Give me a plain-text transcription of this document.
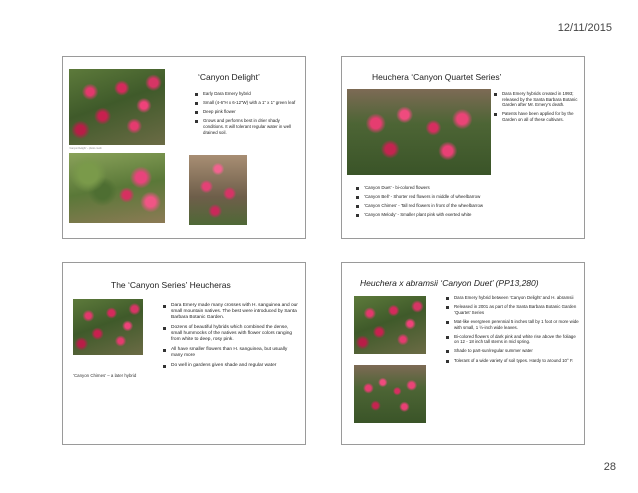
12/11/2015
‘Canyon Delight’ – photo credit
‘Canyon Delight’
Early Dara Emery hybrid
Small (4-6”H x 6-12”W) with a 1” x 1” green leaf
Deep pink flower
Grows and performs best in drier shady conditions. It will tolerant regular water in well drained soil.
Heuchera ‘Canyon Quartet Series’
Dara Emery hybrids created in 1993; released by the Santa Barbara Botanic Garden after Mr. Emery’s death.
Patents have been applied for by the Garden on all of these cultivars.
‘Canyon Duet’ - bi-colored flowers
‘Canyon Bell’ - Shorter red flowers in middle of wheelbarrow
‘Canyon Chimes’ - Tall red flowers in front of the wheelbarrow
‘Canyon Melody’ - Smaller plant pink with exerted white
The ‘Canyon Series’ Heucheras
‘Canyon Chimes’ – a later hybrid
Dara Emery made many crosses with H. sanguinea and our small mountain natives. The best were introduced by Santa Barbara Botanic Garden.
Dozens of beautiful hybrids which combined the dense, small hummocks of the natives with flower colors ranging from white to deep, rosy pink.
All have smaller flowers than H. sanguinea, but usually many more
Do well in gardens given shade and regular water
Heuchera x abramsii ‘Canyon Duet’ (PP13,280)
Dara Emery hybrid between ‘Canyon Delight’ and H. abramsii
Released in 2001 as part of the Santa Barbara Botanic Garden ‘Quartet’ Series
Mat-like evergreen perennial 5 inches tall by 1 foot or more wide with small, 1 ½-inch wide leaves.
Bi-colored flowers of dark pink and white rise above the foliage on 12 - 18 inch tall stems in mid spring.
Shade to part-sun/regular summer water
Tolerant of a wide variety of soil types. Hardy to around 10° F.
28
